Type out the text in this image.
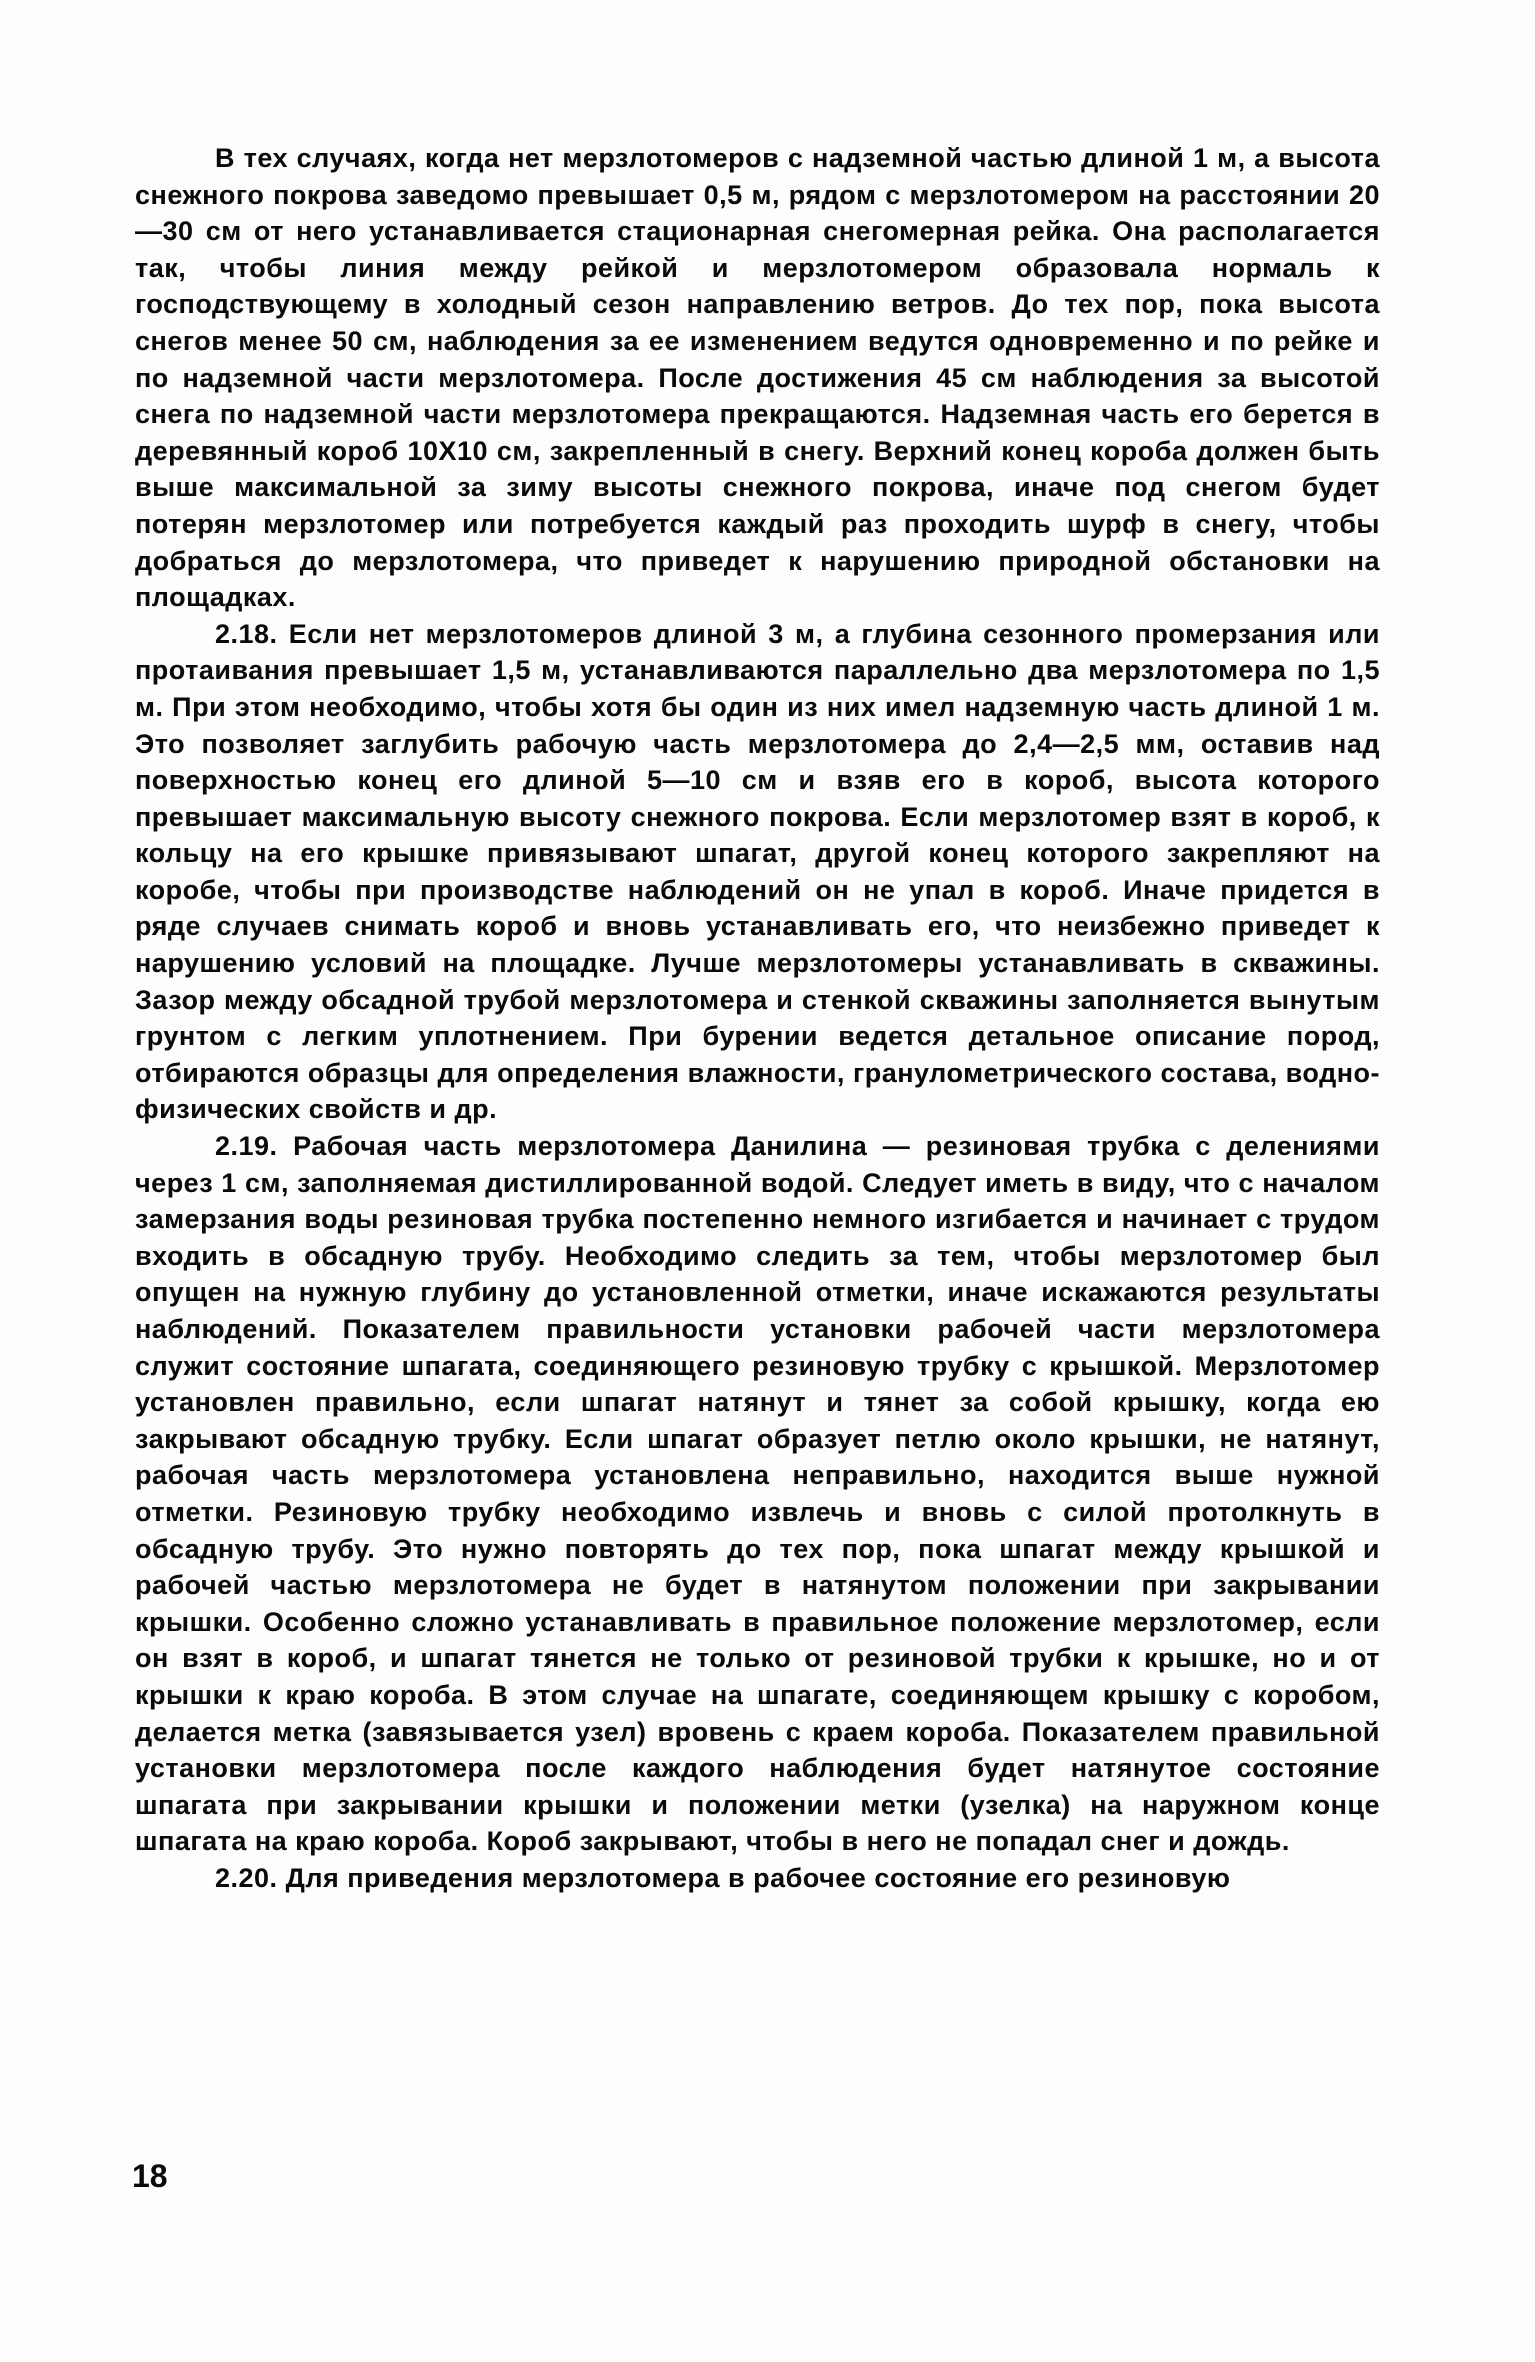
В тех случаях, когда нет мерзлотомеров с надземной частью длиной 1 м, а высота снежного покрова заведомо превышает 0,5 м, рядом с мерзлотомером на расстоянии 20—30 см от него устанавливается стационарная снегомерная рейка. Она располагается так, чтобы линия между рейкой и мерзлотомером образовала нормаль к господствующему в холодный сезон направлению ветров. До тех пор, пока высота снегов менее 50 см, наблюдения за ее изменением ведутся одновременно и по рейке и по надземной части мерзлотомера. После достижения 45 см наблюдения за высотой снега по надземной части мерзлотомера прекращаются. Надземная часть его берется в деревянный короб 10Х10 см, закрепленный в снегу. Верхний конец короба должен быть выше максимальной за зиму высоты снежного покрова, иначе под снегом будет потерян мерзлотомер или потребуется каждый раз проходить шурф в снегу, чтобы добраться до мерзлотомера, что приведет к нарушению природной обстановки на площадках.

2.18. Если нет мерзлотомеров длиной 3 м, а глубина сезонного промерзания или протаивания превышает 1,5 м, устанавливаются параллельно два мерзлотомера по 1,5 м. При этом необходимо, чтобы хотя бы один из них имел надземную часть длиной 1 м. Это позволяет заглубить рабочую часть мерзлотомера до 2,4—2,5 мм, оставив над поверхностью конец его длиной 5—10 см и взяв его в короб, высота которого превышает максимальную высоту снежного покрова. Если мерзлотомер взят в короб, к кольцу на его крышке привязывают шпагат, другой конец которого закрепляют на коробе, чтобы при производстве наблюдений он не упал в короб. Иначе придется в ряде случаев снимать короб и вновь устанавливать его, что неизбежно приведет к нарушению условий на площадке. Лучше мерзлотомеры устанавливать в скважины. Зазор между обсадной трубой мерзлотомера и стенкой скважины заполняется вынутым грунтом с легким уплотнением. При бурении ведется детальное описание пород, отбираются образцы для определения влажности, гранулометрического состава, водно-физических свойств и др.

2.19. Рабочая часть мерзлотомера Данилина — резиновая трубка с делениями через 1 см, заполняемая дистиллированной водой. Следует иметь в виду, что с началом замерзания воды резиновая трубка постепенно немного изгибается и начинает с трудом входить в обсадную трубу. Необходимо следить за тем, чтобы мерзлотомер был опущен на нужную глубину до установленной отметки, иначе искажаются результаты наблюдений. Показателем правильности установки рабочей части мерзлотомера служит состояние шпагата, соединяющего резиновую трубку с крышкой. Мерзлотомер установлен правильно, если шпагат натянут и тянет за собой крышку, когда ею закрывают обсадную трубку. Если шпагат образует петлю около крышки, не натянут, рабочая часть мерзлотомера установлена неправильно, находится выше нужной отметки. Резиновую трубку необходимо извлечь и вновь с силой протолкнуть в обсадную трубу. Это нужно повторять до тех пор, пока шпагат между крышкой и рабочей частью мерзлотомера не будет в натянутом положении при закрывании крышки. Особенно сложно устанавливать в правильное положение мерзлотомер, если он взят в короб, и шпагат тянется не только от резиновой трубки к крышке, но и от крышки к краю короба. В этом случае на шпагате, соединяющем крышку с коробом, делается метка (завязывается узел) вровень с краем короба. Показателем правильной установки мерзлотомера после каждого наблюдения будет натянутое состояние шпагата при закрывании крышки и положении метки (узелка) на наружном конце шпагата на краю короба. Короб закрывают, чтобы в него не попадал снег и дождь.

2.20. Для приведения мерзлотомера в рабочее состояние его резиновую

18
